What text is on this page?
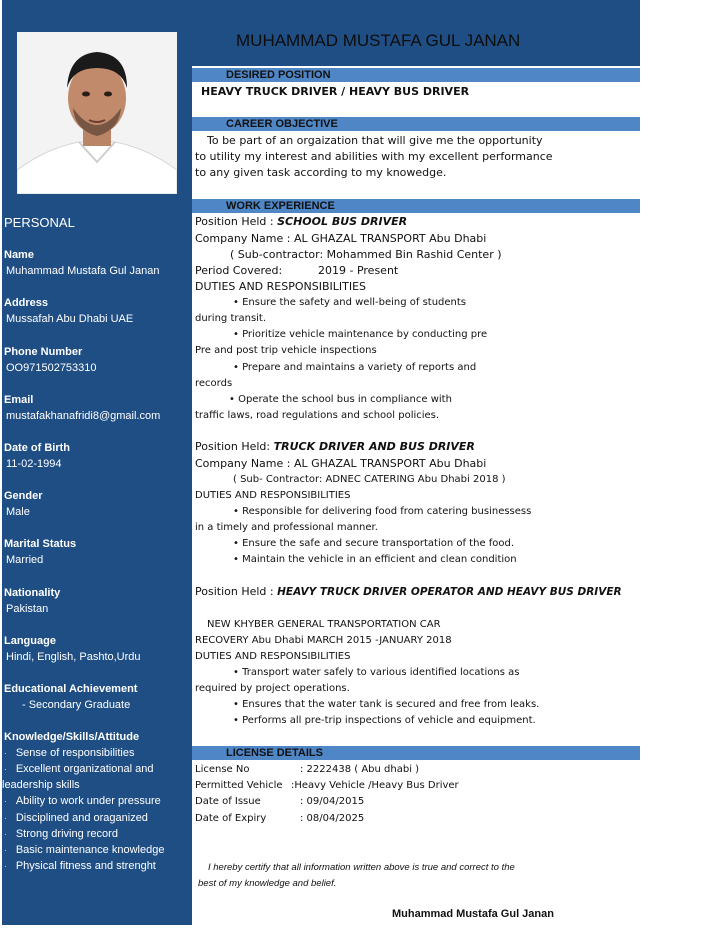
MUHAMMAD MUSTAFA GUL JANAN
PERSONAL
Name
Muhammad Mustafa Gul Janan
Address
Mussafah Abu Dhabi UAE
Phone Number
OO971502753310
Email
mustafakhanafridi8@gmail.com
Date of Birth
11-02-1994
Gender
Male
Marital Status
Married
Nationality
Pakistan
Language
Hindi, English, Pashto,Urdu
Educational Achievement
- Secondary Graduate
Knowledge/Skills/Attitude
· Sense of responsibilities
· Excellent organizational and
leadership skills
· Ability to work under pressure
· Disciplined and oraganized
· Strong driving record
· Basic maintenance knowledge
· Physical fitness and strenght
DESIRED POSITION
HEAVY TRUCK DRIVER / HEAVY BUS DRIVER
CAREER OBJECTIVE
To be part of an orgaization that will give me the opportunity
to utility my interest and abilities with my excellent performance
to any given task according to my knowedge.
WORK EXPERIENCE
Position Held : SCHOOL BUS DRIVER
Company Name : AL GHAZAL TRANSPORT Abu Dhabi
( Sub-contractor: Mohammed Bin Rashid Center )
Period Covered:	2019 - Present
DUTIES AND RESPONSIBILITIES
• Ensure the safety and well-being of students
during transit.
• Prioritize vehicle maintenance by conducting pre
Pre and post trip vehicle inspections
• Prepare and maintains a variety of reports and
records
• Operate the school bus in compliance with
traffic laws, road regulations and school policies.
Position Held: TRUCK DRIVER AND BUS DRIVER
Company Name : AL GHAZAL TRANSPORT Abu Dhabi
( Sub- Contractor: ADNEC CATERING Abu Dhabi 2018 )
DUTIES AND RESPONSIBILITIES
• Responsible for delivering food from catering businessess
in a timely and professional manner.
• Ensure the safe and secure transportation of the food.
• Maintain the vehicle in an efficient and clean condition
Position Held : HEAVY TRUCK DRIVER OPERATOR AND HEAVY BUS DRIVER
NEW KHYBER GENERAL TRANSPORTATION CAR
RECOVERY Abu Dhabi MARCH 2015 -JANUARY 2018
DUTIES AND RESPONSIBILITIES
• Transport water safely to various identified locations as
required by project operations.
• Ensures that the water tank is secured and free from leaks.
• Performs all pre-trip inspections of vehicle and equipment.
LICENSE DETAILS
License No	: 2222438 ( Abu dhabi )
Permitted Vehicle :Heavy Vehicle /Heavy Bus Driver
Date of Issue	: 09/04/2015
Date of Expiry	: 08/04/2025
I hereby certify that all information written above is true and correct to the
best of my knowledge and belief.
Muhammad Mustafa Gul Janan
